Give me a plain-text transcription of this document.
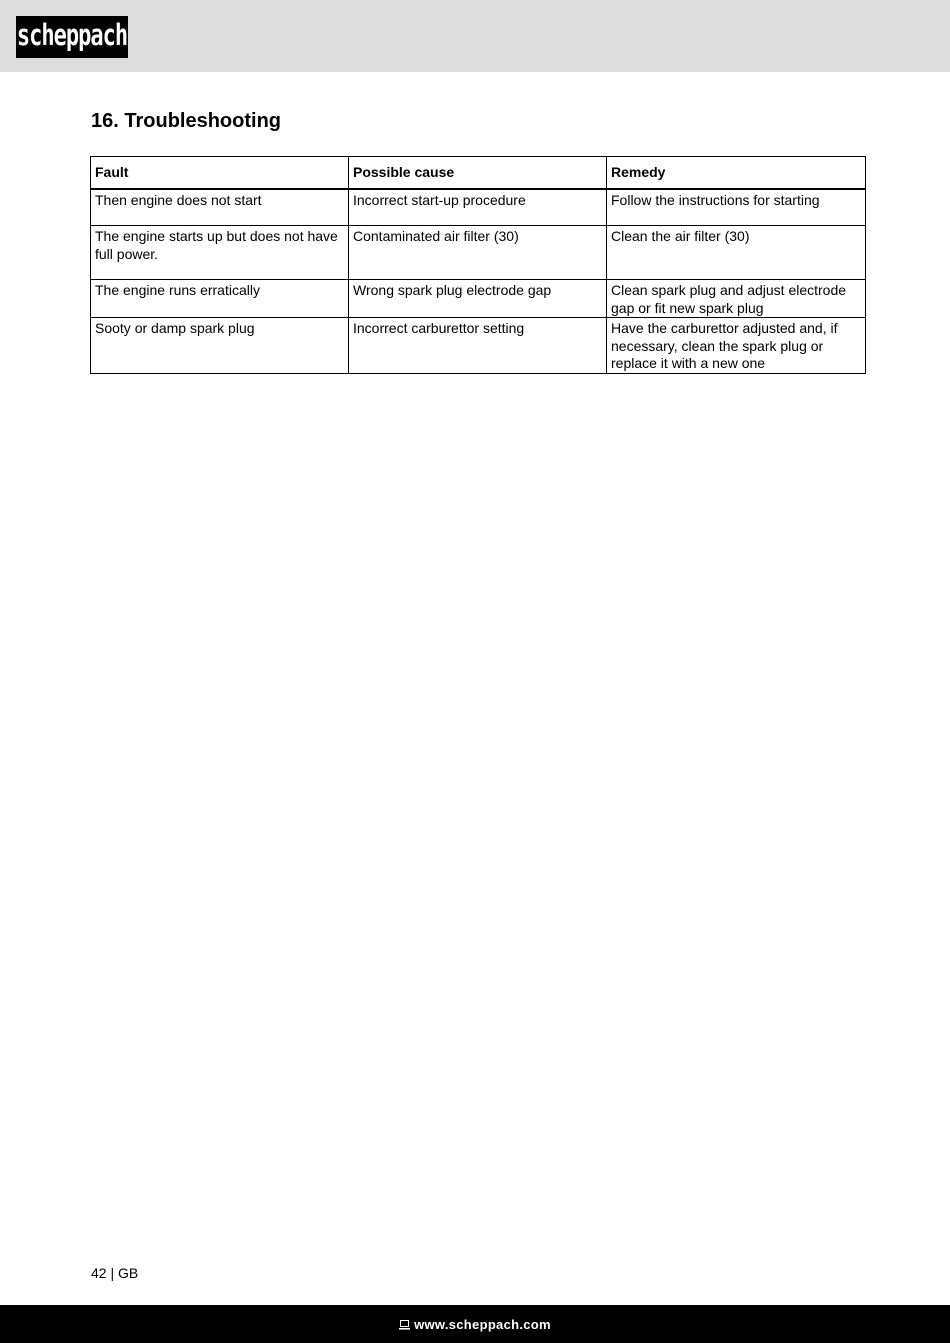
scheppach
16. Troubleshooting
Fault	Possible cause	Remedy
Then engine does not start	Incorrect start-up procedure	Follow the instructions for starting
The engine starts up but does not have full power.	Contaminated air filter (30)	Clean the air filter (30)
The engine runs erratically	Wrong spark plug electrode gap	Clean spark plug and adjust electrode gap or fit new spark plug
Sooty or damp spark plug	Incorrect carburettor setting	Have the carburettor adjusted and, if necessary, clean the spark plug or replace it with a new one
42 | GB
www.scheppach.com
